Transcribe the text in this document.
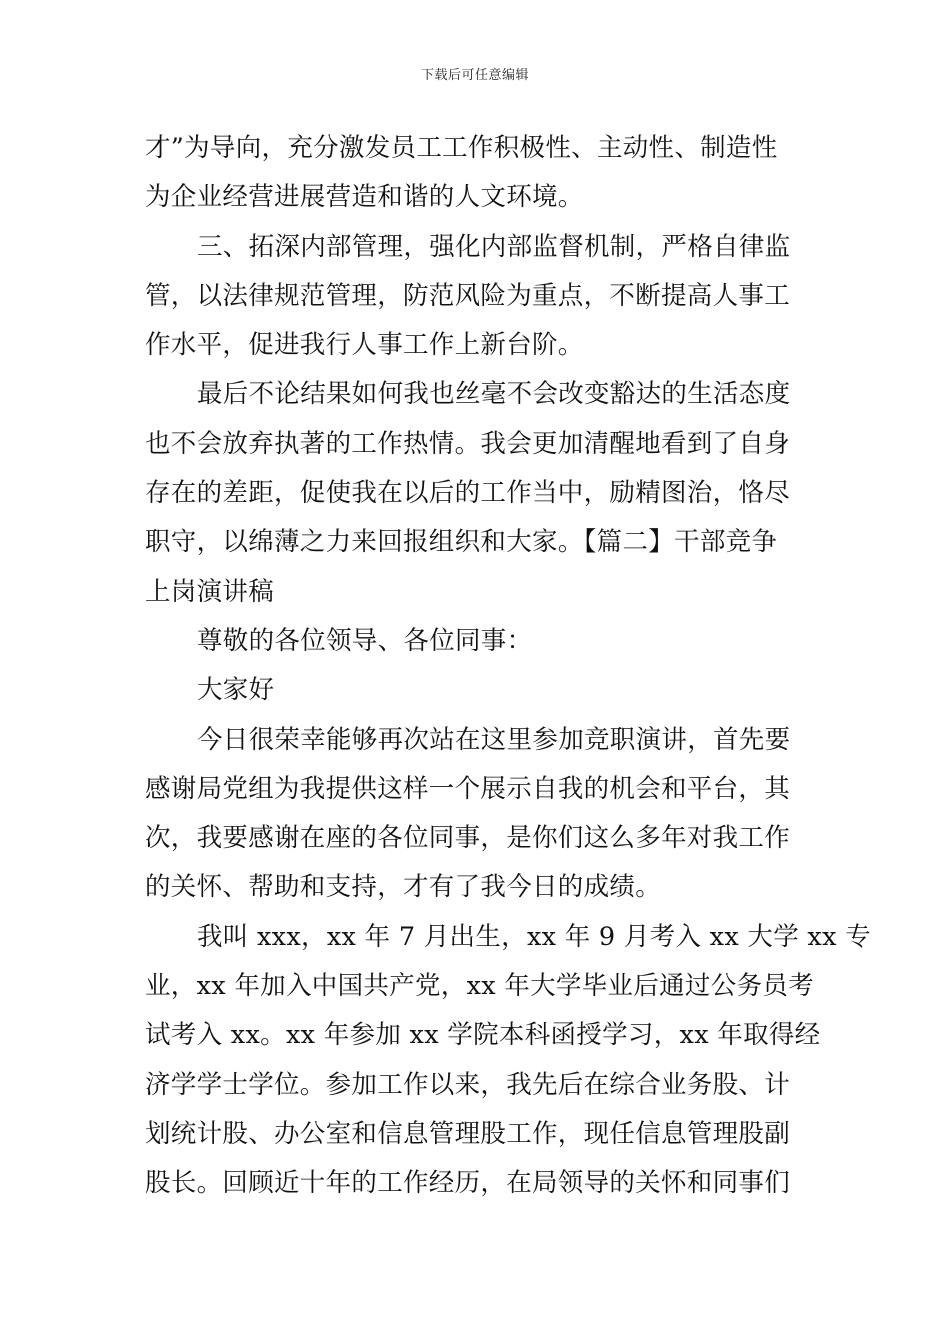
下载后可任意编辑
才”为导向，充分激发员工工作积极性、主动性、制造性
为企业经营进展营造和谐的人文环境。
三、拓深内部管理，强化内部监督机制，严格自律监
管，以法律规范管理，防范风险为重点，不断提高人事工
作水平，促进我行人事工作上新台阶。
最后不论结果如何我也丝毫不会改变豁达的生活态度
也不会放弃执著的工作热情。我会更加清醒地看到了自身
存在的差距，促使我在以后的工作当中，励精图治，恪尽
职守，以绵薄之力来回报组织和大家。【篇二】干部竞争
上岗演讲稿
尊敬的各位领导、各位同事：
大家好
今日很荣幸能够再次站在这里参加竞职演讲，首先要
感谢局党组为我提供这样一个展示自我的机会和平台，其
次，我要感谢在座的各位同事，是你们这么多年对我工作
的关怀、帮助和支持，才有了我今日的成绩。
我叫 xxx，xx 年 7 月出生，xx 年 9 月考入 xx 大学 xx 专
业，xx 年加入中国共产党，xx 年大学毕业后通过公务员考
试考入 xx。xx 年参加 xx 学院本科函授学习，xx 年取得经
济学学士学位。参加工作以来，我先后在综合业务股、计
划统计股、办公室和信息管理股工作，现任信息管理股副
股长。回顾近十年的工作经历，在局领导的关怀和同事们
